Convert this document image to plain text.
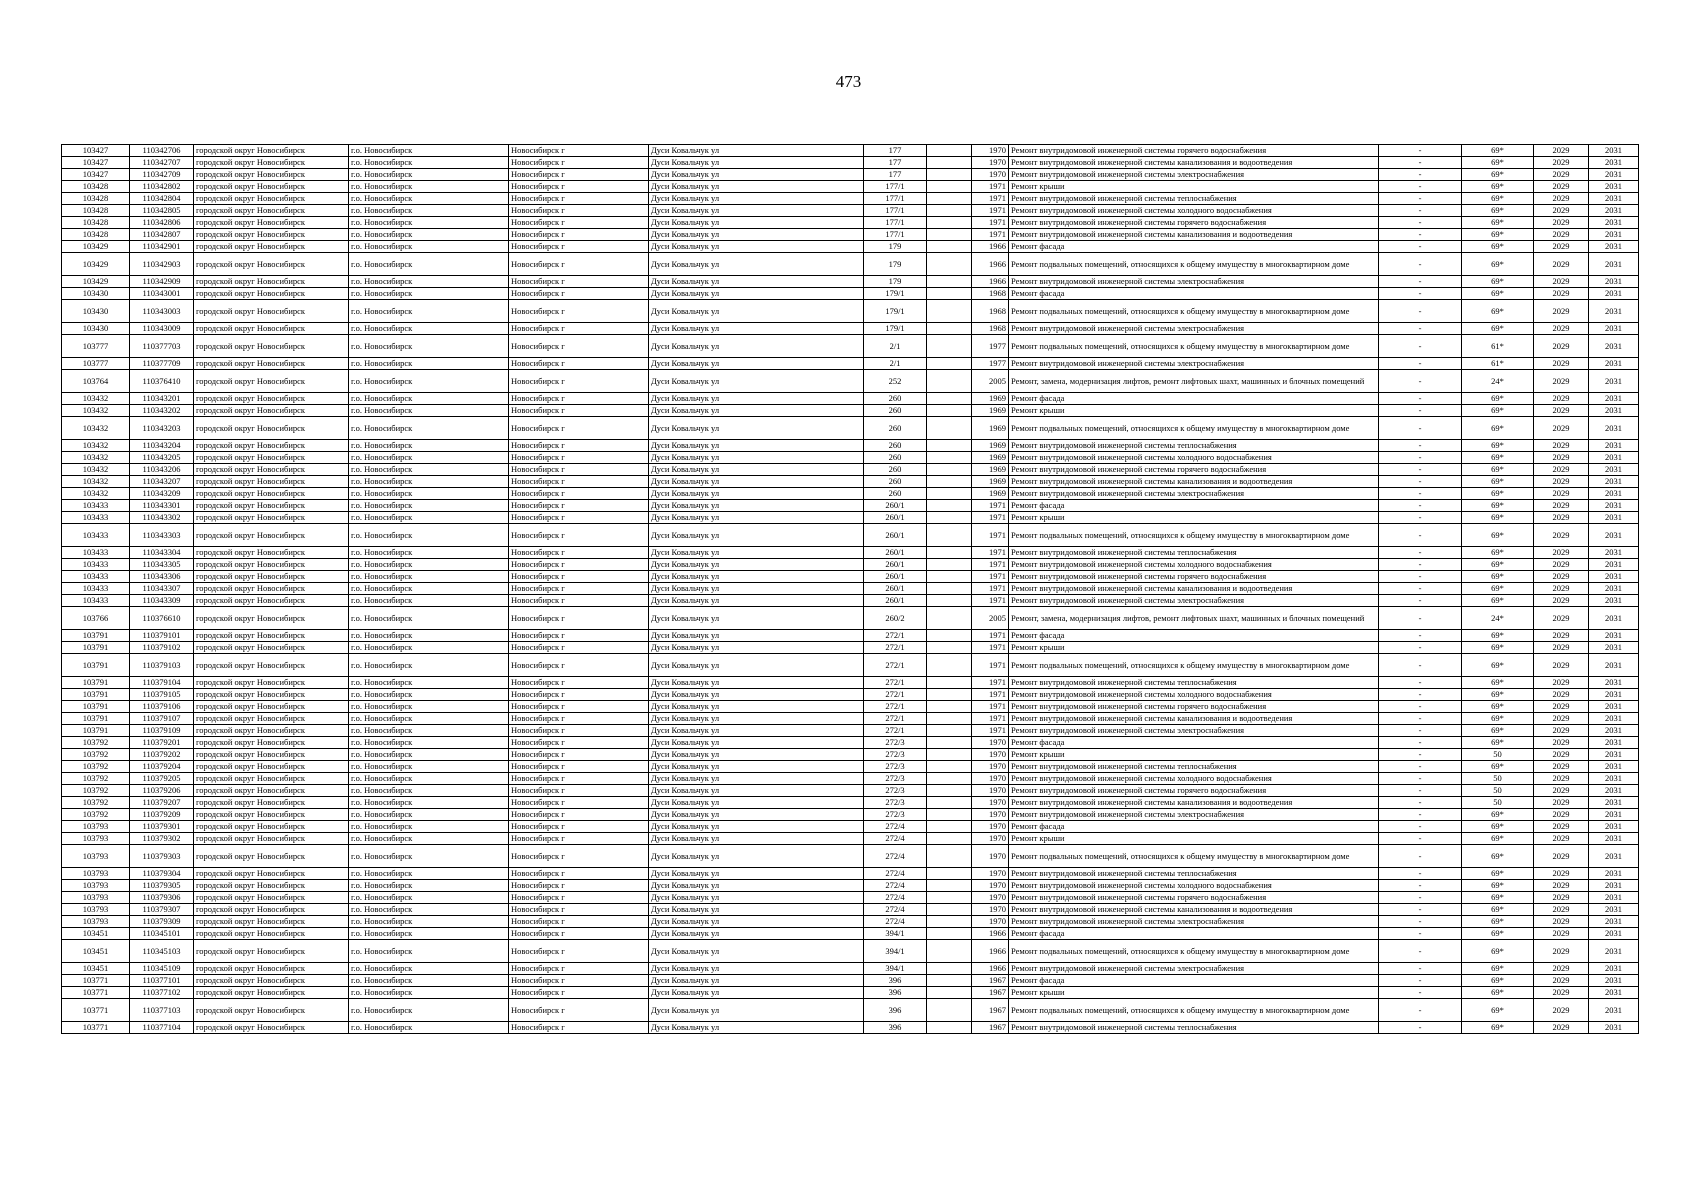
473
103427	110342706	городской округ Новосибирск	г.о. Новосибирск	Новосибирск г	Дуси Ковальчук ул	177		1970	Ремонт внутридомовой инженерной системы горячего водоснабжения	-	69*	2029	2031
103427	110342707	городской округ Новосибирск	г.о. Новосибирск	Новосибирск г	Дуси Ковальчук ул	177		1970	Ремонт внутридомовой инженерной системы канализования и водоотведения	-	69*	2029	2031
103427	110342709	городской округ Новосибирск	г.о. Новосибирск	Новосибирск г	Дуси Ковальчук ул	177		1970	Ремонт внутридомовой инженерной системы электроснабжения	-	69*	2029	2031
103428	110342802	городской округ Новосибирск	г.о. Новосибирск	Новосибирск г	Дуси Ковальчук ул	177/1		1971	Ремонт крыши	-	69*	2029	2031
103428	110342804	городской округ Новосибирск	г.о. Новосибирск	Новосибирск г	Дуси Ковальчук ул	177/1		1971	Ремонт внутридомовой инженерной системы теплоснабжения	-	69*	2029	2031
103428	110342805	городской округ Новосибирск	г.о. Новосибирск	Новосибирск г	Дуси Ковальчук ул	177/1		1971	Ремонт внутридомовой инженерной системы холодного водоснабжения	-	69*	2029	2031
103428	110342806	городской округ Новосибирск	г.о. Новосибирск	Новосибирск г	Дуси Ковальчук ул	177/1		1971	Ремонт внутридомовой инженерной системы горячего водоснабжения	-	69*	2029	2031
103428	110342807	городской округ Новосибирск	г.о. Новосибирск	Новосибирск г	Дуси Ковальчук ул	177/1		1971	Ремонт внутридомовой инженерной системы канализования и водоотведения	-	69*	2029	2031
103429	110342901	городской округ Новосибирск	г.о. Новосибирск	Новосибирск г	Дуси Ковальчук ул	179		1966	Ремонт фасада	-	69*	2029	2031
103429	110342903	городской округ Новосибирск	г.о. Новосибирск	Новосибирск г	Дуси Ковальчук ул	179		1966	Ремонт подвальных помещений, относящихся к общему имуществу в многоквартирном доме	-	69*	2029	2031
103429	110342909	городской округ Новосибирск	г.о. Новосибирск	Новосибирск г	Дуси Ковальчук ул	179		1966	Ремонт внутридомовой инженерной системы электроснабжения	-	69*	2029	2031
103430	110343001	городской округ Новосибирск	г.о. Новосибирск	Новосибирск г	Дуси Ковальчук ул	179/1		1968	Ремонт фасада	-	69*	2029	2031
103430	110343003	городской округ Новосибирск	г.о. Новосибирск	Новосибирск г	Дуси Ковальчук ул	179/1		1968	Ремонт подвальных помещений, относящихся к общему имуществу в многоквартирном доме	-	69*	2029	2031
103430	110343009	городской округ Новосибирск	г.о. Новосибирск	Новосибирск г	Дуси Ковальчук ул	179/1		1968	Ремонт внутридомовой инженерной системы электроснабжения	-	69*	2029	2031
103777	110377703	городской округ Новосибирск	г.о. Новосибирск	Новосибирск г	Дуси Ковальчук ул	2/1		1977	Ремонт подвальных помещений, относящихся к общему имуществу в многоквартирном доме	-	61*	2029	2031
103777	110377709	городской округ Новосибирск	г.о. Новосибирск	Новосибирск г	Дуси Ковальчук ул	2/1		1977	Ремонт внутридомовой инженерной системы электроснабжения	-	61*	2029	2031
103764	110376410	городской округ Новосибирск	г.о. Новосибирск	Новосибирск г	Дуси Ковальчук ул	252		2005	Ремонт, замена, модернизация лифтов, ремонт лифтовых шахт, машинных и блочных помещений	-	24*	2029	2031
103432	110343201	городской округ Новосибирск	г.о. Новосибирск	Новосибирск г	Дуси Ковальчук ул	260		1969	Ремонт фасада	-	69*	2029	2031
103432	110343202	городской округ Новосибирск	г.о. Новосибирск	Новосибирск г	Дуси Ковальчук ул	260		1969	Ремонт крыши	-	69*	2029	2031
103432	110343203	городской округ Новосибирск	г.о. Новосибирск	Новосибирск г	Дуси Ковальчук ул	260		1969	Ремонт подвальных помещений, относящихся к общему имуществу в многоквартирном доме	-	69*	2029	2031
103432	110343204	городской округ Новосибирск	г.о. Новосибирск	Новосибирск г	Дуси Ковальчук ул	260		1969	Ремонт внутридомовой инженерной системы теплоснабжения	-	69*	2029	2031
103432	110343205	городской округ Новосибирск	г.о. Новосибирск	Новосибирск г	Дуси Ковальчук ул	260		1969	Ремонт внутридомовой инженерной системы холодного водоснабжения	-	69*	2029	2031
103432	110343206	городской округ Новосибирск	г.о. Новосибирск	Новосибирск г	Дуси Ковальчук ул	260		1969	Ремонт внутридомовой инженерной системы горячего водоснабжения	-	69*	2029	2031
103432	110343207	городской округ Новосибирск	г.о. Новосибирск	Новосибирск г	Дуси Ковальчук ул	260		1969	Ремонт внутридомовой инженерной системы канализования и водоотведения	-	69*	2029	2031
103432	110343209	городской округ Новосибирск	г.о. Новосибирск	Новосибирск г	Дуси Ковальчук ул	260		1969	Ремонт внутридомовой инженерной системы электроснабжения	-	69*	2029	2031
103433	110343301	городской округ Новосибирск	г.о. Новосибирск	Новосибирск г	Дуси Ковальчук ул	260/1		1971	Ремонт фасада	-	69*	2029	2031
103433	110343302	городской округ Новосибирск	г.о. Новосибирск	Новосибирск г	Дуси Ковальчук ул	260/1		1971	Ремонт крыши	-	69*	2029	2031
103433	110343303	городской округ Новосибирск	г.о. Новосибирск	Новосибирск г	Дуси Ковальчук ул	260/1		1971	Ремонт подвальных помещений, относящихся к общему имуществу в многоквартирном доме	-	69*	2029	2031
103433	110343304	городской округ Новосибирск	г.о. Новосибирск	Новосибирск г	Дуси Ковальчук ул	260/1		1971	Ремонт внутридомовой инженерной системы теплоснабжения	-	69*	2029	2031
103433	110343305	городской округ Новосибирск	г.о. Новосибирск	Новосибирск г	Дуси Ковальчук ул	260/1		1971	Ремонт внутридомовой инженерной системы холодного водоснабжения	-	69*	2029	2031
103433	110343306	городской округ Новосибирск	г.о. Новосибирск	Новосибирск г	Дуси Ковальчук ул	260/1		1971	Ремонт внутридомовой инженерной системы горячего водоснабжения	-	69*	2029	2031
103433	110343307	городской округ Новосибирск	г.о. Новосибирск	Новосибирск г	Дуси Ковальчук ул	260/1		1971	Ремонт внутридомовой инженерной системы канализования и водоотведения	-	69*	2029	2031
103433	110343309	городской округ Новосибирск	г.о. Новосибирск	Новосибирск г	Дуси Ковальчук ул	260/1		1971	Ремонт внутридомовой инженерной системы электроснабжения	-	69*	2029	2031
103766	110376610	городской округ Новосибирск	г.о. Новосибирск	Новосибирск г	Дуси Ковальчук ул	260/2		2005	Ремонт, замена, модернизация лифтов, ремонт лифтовых шахт, машинных и блочных помещений	-	24*	2029	2031
103791	110379101	городской округ Новосибирск	г.о. Новосибирск	Новосибирск г	Дуси Ковальчук ул	272/1		1971	Ремонт фасада	-	69*	2029	2031
103791	110379102	городской округ Новосибирск	г.о. Новосибирск	Новосибирск г	Дуси Ковальчук ул	272/1		1971	Ремонт крыши	-	69*	2029	2031
103791	110379103	городской округ Новосибирск	г.о. Новосибирск	Новосибирск г	Дуси Ковальчук ул	272/1		1971	Ремонт подвальных помещений, относящихся к общему имуществу в многоквартирном доме	-	69*	2029	2031
103791	110379104	городской округ Новосибирск	г.о. Новосибирск	Новосибирск г	Дуси Ковальчук ул	272/1		1971	Ремонт внутридомовой инженерной системы теплоснабжения	-	69*	2029	2031
103791	110379105	городской округ Новосибирск	г.о. Новосибирск	Новосибирск г	Дуси Ковальчук ул	272/1		1971	Ремонт внутридомовой инженерной системы холодного водоснабжения	-	69*	2029	2031
103791	110379106	городской округ Новосибирск	г.о. Новосибирск	Новосибирск г	Дуси Ковальчук ул	272/1		1971	Ремонт внутридомовой инженерной системы горячего водоснабжения	-	69*	2029	2031
103791	110379107	городской округ Новосибирск	г.о. Новосибирск	Новосибирск г	Дуси Ковальчук ул	272/1		1971	Ремонт внутридомовой инженерной системы канализования и водоотведения	-	69*	2029	2031
103791	110379109	городской округ Новосибирск	г.о. Новосибирск	Новосибирск г	Дуси Ковальчук ул	272/1		1971	Ремонт внутридомовой инженерной системы электроснабжения	-	69*	2029	2031
103792	110379201	городской округ Новосибирск	г.о. Новосибирск	Новосибирск г	Дуси Ковальчук ул	272/3		1970	Ремонт фасада	-	69*	2029	2031
103792	110379202	городской округ Новосибирск	г.о. Новосибирск	Новосибирск г	Дуси Ковальчук ул	272/3		1970	Ремонт крыши	-	50	2029	2031
103792	110379204	городской округ Новосибирск	г.о. Новосибирск	Новосибирск г	Дуси Ковальчук ул	272/3		1970	Ремонт внутридомовой инженерной системы теплоснабжения	-	69*	2029	2031
103792	110379205	городской округ Новосибирск	г.о. Новосибирск	Новосибирск г	Дуси Ковальчук ул	272/3		1970	Ремонт внутридомовой инженерной системы холодного водоснабжения	-	50	2029	2031
103792	110379206	городской округ Новосибирск	г.о. Новосибирск	Новосибирск г	Дуси Ковальчук ул	272/3		1970	Ремонт внутридомовой инженерной системы горячего водоснабжения	-	50	2029	2031
103792	110379207	городской округ Новосибирск	г.о. Новосибирск	Новосибирск г	Дуси Ковальчук ул	272/3		1970	Ремонт внутридомовой инженерной системы канализования и водоотведения	-	50	2029	2031
103792	110379209	городской округ Новосибирск	г.о. Новосибирск	Новосибирск г	Дуси Ковальчук ул	272/3		1970	Ремонт внутридомовой инженерной системы электроснабжения	-	69*	2029	2031
103793	110379301	городской округ Новосибирск	г.о. Новосибирск	Новосибирск г	Дуси Ковальчук ул	272/4		1970	Ремонт фасада	-	69*	2029	2031
103793	110379302	городской округ Новосибирск	г.о. Новосибирск	Новосибирск г	Дуси Ковальчук ул	272/4		1970	Ремонт крыши	-	69*	2029	2031
103793	110379303	городской округ Новосибирск	г.о. Новосибирск	Новосибирск г	Дуси Ковальчук ул	272/4		1970	Ремонт подвальных помещений, относящихся к общему имуществу в многоквартирном доме	-	69*	2029	2031
103793	110379304	городской округ Новосибирск	г.о. Новосибирск	Новосибирск г	Дуси Ковальчук ул	272/4		1970	Ремонт внутридомовой инженерной системы теплоснабжения	-	69*	2029	2031
103793	110379305	городской округ Новосибирск	г.о. Новосибирск	Новосибирск г	Дуси Ковальчук ул	272/4		1970	Ремонт внутридомовой инженерной системы холодного водоснабжения	-	69*	2029	2031
103793	110379306	городской округ Новосибирск	г.о. Новосибирск	Новосибирск г	Дуси Ковальчук ул	272/4		1970	Ремонт внутридомовой инженерной системы горячего водоснабжения	-	69*	2029	2031
103793	110379307	городской округ Новосибирск	г.о. Новосибирск	Новосибирск г	Дуси Ковальчук ул	272/4		1970	Ремонт внутридомовой инженерной системы канализования и водоотведения	-	69*	2029	2031
103793	110379309	городской округ Новосибирск	г.о. Новосибирск	Новосибирск г	Дуси Ковальчук ул	272/4		1970	Ремонт внутридомовой инженерной системы электроснабжения	-	69*	2029	2031
103451	110345101	городской округ Новосибирск	г.о. Новосибирск	Новосибирск г	Дуси Ковальчук ул	394/1		1966	Ремонт фасада	-	69*	2029	2031
103451	110345103	городской округ Новосибирск	г.о. Новосибирск	Новосибирск г	Дуси Ковальчук ул	394/1		1966	Ремонт подвальных помещений, относящихся к общему имуществу в многоквартирном доме	-	69*	2029	2031
103451	110345109	городской округ Новосибирск	г.о. Новосибирск	Новосибирск г	Дуси Ковальчук ул	394/1		1966	Ремонт внутридомовой инженерной системы электроснабжения	-	69*	2029	2031
103771	110377101	городской округ Новосибирск	г.о. Новосибирск	Новосибирск г	Дуси Ковальчук ул	396		1967	Ремонт фасада	-	69*	2029	2031
103771	110377102	городской округ Новосибирск	г.о. Новосибирск	Новосибирск г	Дуси Ковальчук ул	396		1967	Ремонт крыши	-	69*	2029	2031
103771	110377103	городской округ Новосибирск	г.о. Новосибирск	Новосибирск г	Дуси Ковальчук ул	396		1967	Ремонт подвальных помещений, относящихся к общему имуществу в многоквартирном доме	-	69*	2029	2031
103771	110377104	городской округ Новосибирск	г.о. Новосибирск	Новосибирск г	Дуси Ковальчук ул	396		1967	Ремонт внутридомовой инженерной системы теплоснабжения	-	69*	2029	2031
